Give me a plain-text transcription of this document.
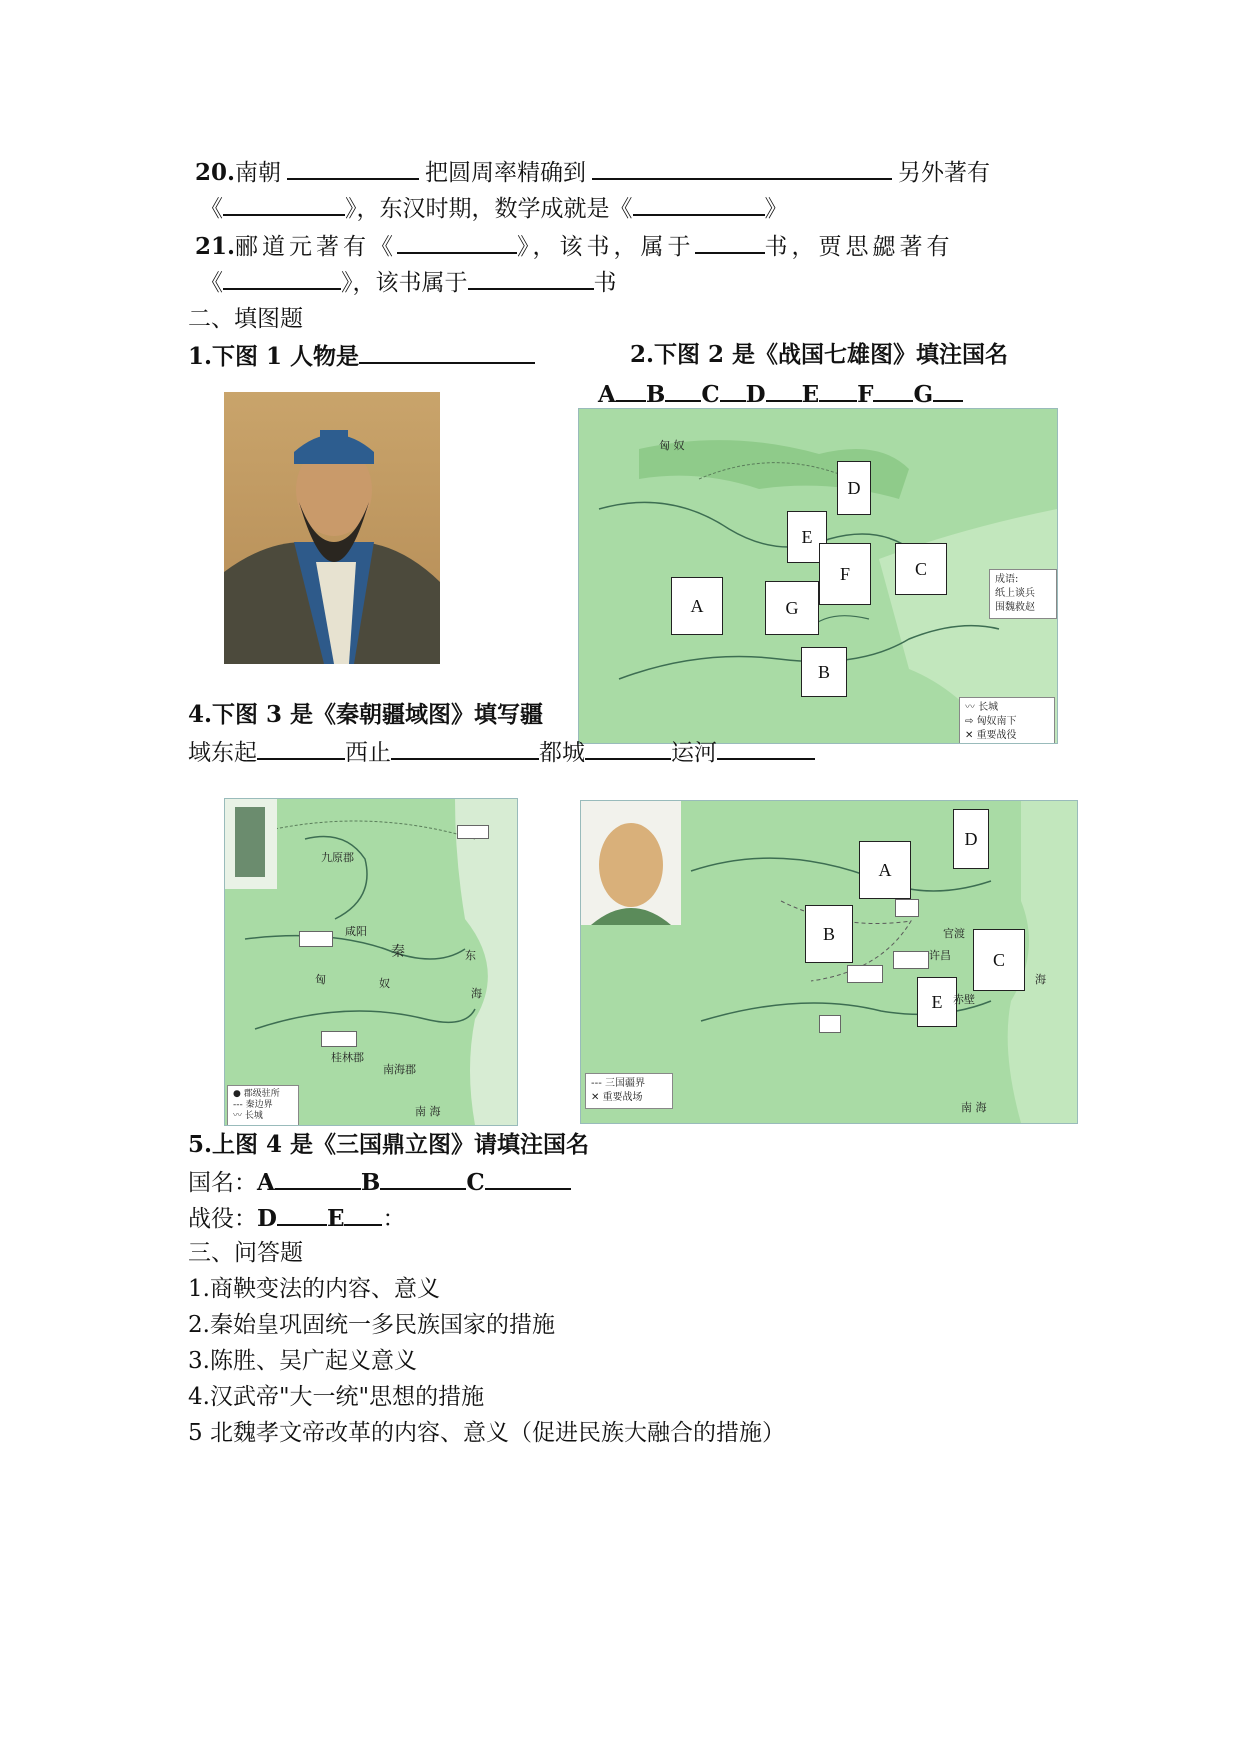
20.南朝	把圆周率精确到	另外著有
《	》，东汉时期，数学成就是《	》
21.郦道元著有《	》，该书，属于	书，贾思勰著有
《	》，该书属于	书
二、填图题
1.下图 1 人物是	2.下图 2 是《战国七雄图》填注国名
A B C D E F G
匈 奴
D
E
F	C
A	G
B
成语:
纸上谈兵
围魏救赵
〰 长城
⇨ 匈奴南下
✕ 重要战役
4.下图 3 是《秦朝疆域图》填写疆
域东起	西止	都城	运河
九原郡
咸阳
秦
匈	奴
东
海
桂林郡
南海郡
南 海
● 郡级驻所
--- 秦边界
〰 长城
A
D
B
C
E
官渡
许昌
赤壁
海
南 海
--- 三国疆界
✕ 重要战场
5.上图 4 是《三国鼎立图》请填注国名
国名：A	B	C
战役：D E ：
三、问答题
1.商鞅变法的内容、意义
2.秦始皇巩固统一多民族国家的措施
3.陈胜、吴广起义意义
4.汉武帝"大一统"思想的措施
5 北魏孝文帝改革的内容、意义（促进民族大融合的措施）
